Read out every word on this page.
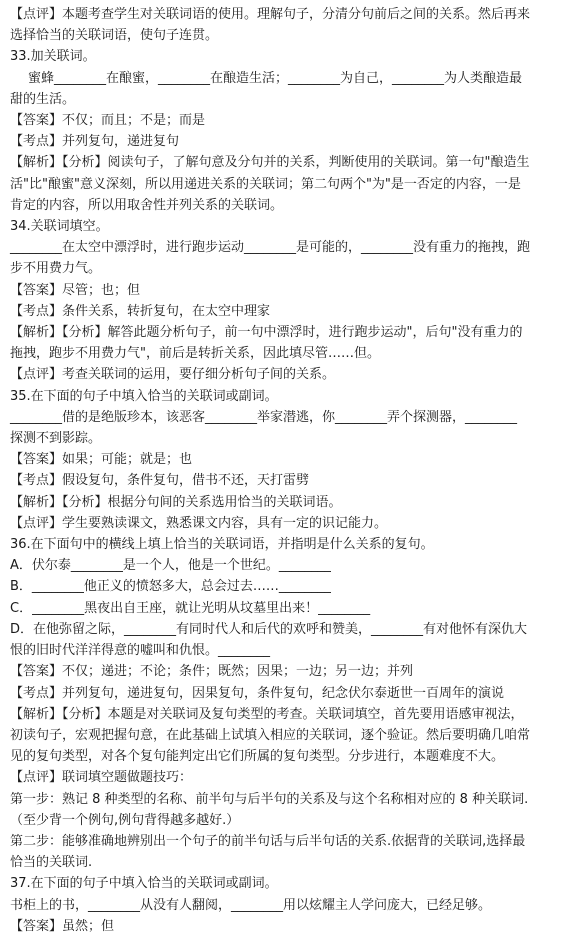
【点评】本题考查学生对关联词语的使用。理解句子，分清分句前后之间的关系。然后再来
选择恰当的关联词语，使句子连贯。
33.加关联词。
蜜蜂________在酿蜜，________在酿造生活；________为自己，________为人类酿造最
甜的生活。
【答案】不仅；而且；不是；而是
【考点】并列复句，递进复句
【解析】【分析】阅读句子，了解句意及分句并的关系，判断使用的关联词。第一句"酿造生
活"比"酿蜜"意义深刻，所以用递进关系的关联词；第二句两个"为"是一否定的内容，一是
肯定的内容，所以用取舍性并列关系的关联词。
34.关联词填空。
________在太空中漂浮时，进行跑步运动________是可能的，________没有重力的拖拽，跑
步不用费力气。
【答案】尽管；也；但
【考点】条件关系，转折复句，在太空中理家
【解析】【分析】解答此题分析句子，前一句中漂浮时，进行跑步运动"，后句"没有重力的
拖拽，跑步不用费力气"，前后是转折关系，因此填尽管……但。
【点评】考查关联词的运用，要仔细分析句子间的关系。
35.在下面的句子中填入恰当的关联词或副词。
________借的是绝版珍本，该恶客________举家潜逃，你________弄个探测器，________
探测不到影踪。
【答案】如果；可能；就是；也
【考点】假设复句，条件复句，借书不还，天打雷劈
【解析】【分析】根据分句间的关系选用恰当的关联词语。
【点评】学生要熟读课文，熟悉课文内容，具有一定的识记能力。
36.在下面句中的横线上填上恰当的关联词语，并指明是什么关系的复句。
A．伏尔泰________是一个人，他是一个世纪。________
B．________他正义的愤怒多大，总会过去……________
C．________黑夜出自王座，就让光明从坟墓里出来！________
D．在他弥留之际，________有同时代人和后代的欢呼和赞美，________有对他怀有深仇大
恨的旧时代洋洋得意的嘘叫和仇恨。________
【答案】不仅；递进；不论；条件；既然；因果；一边；另一边；并列
【考点】并列复句，递进复句，因果复句，条件复句，纪念伏尔泰逝世一百周年的演说
【解析】【分析】本题是对关联词及复句类型的考查。关联词填空，首先要用语感审视法，
初读句子，宏观把握句意，在此基础上试填入相应的关联词，逐个验证。然后要明确几咱常
见的复句类型，对各个复句能判定出它们所属的复句类型。分步进行，本题难度不大。
【点评】联词填空题做题技巧：
第一步：熟记 8 种类型的名称、前半句与后半句的关系及与这个名称相对应的 8 种关联词.
（至少背一个例句,例句背得越多越好.）
第二步：能够准确地辨别出一个句子的前半句话与后半句话的关系.依据背的关联词,选择最
恰当的关联词.
37.在下面的句子中填入恰当的关联词或副词。
书柜上的书，________从没有人翻阅，________用以炫耀主人学问庞大，已经足够。
【答案】虽然；但
